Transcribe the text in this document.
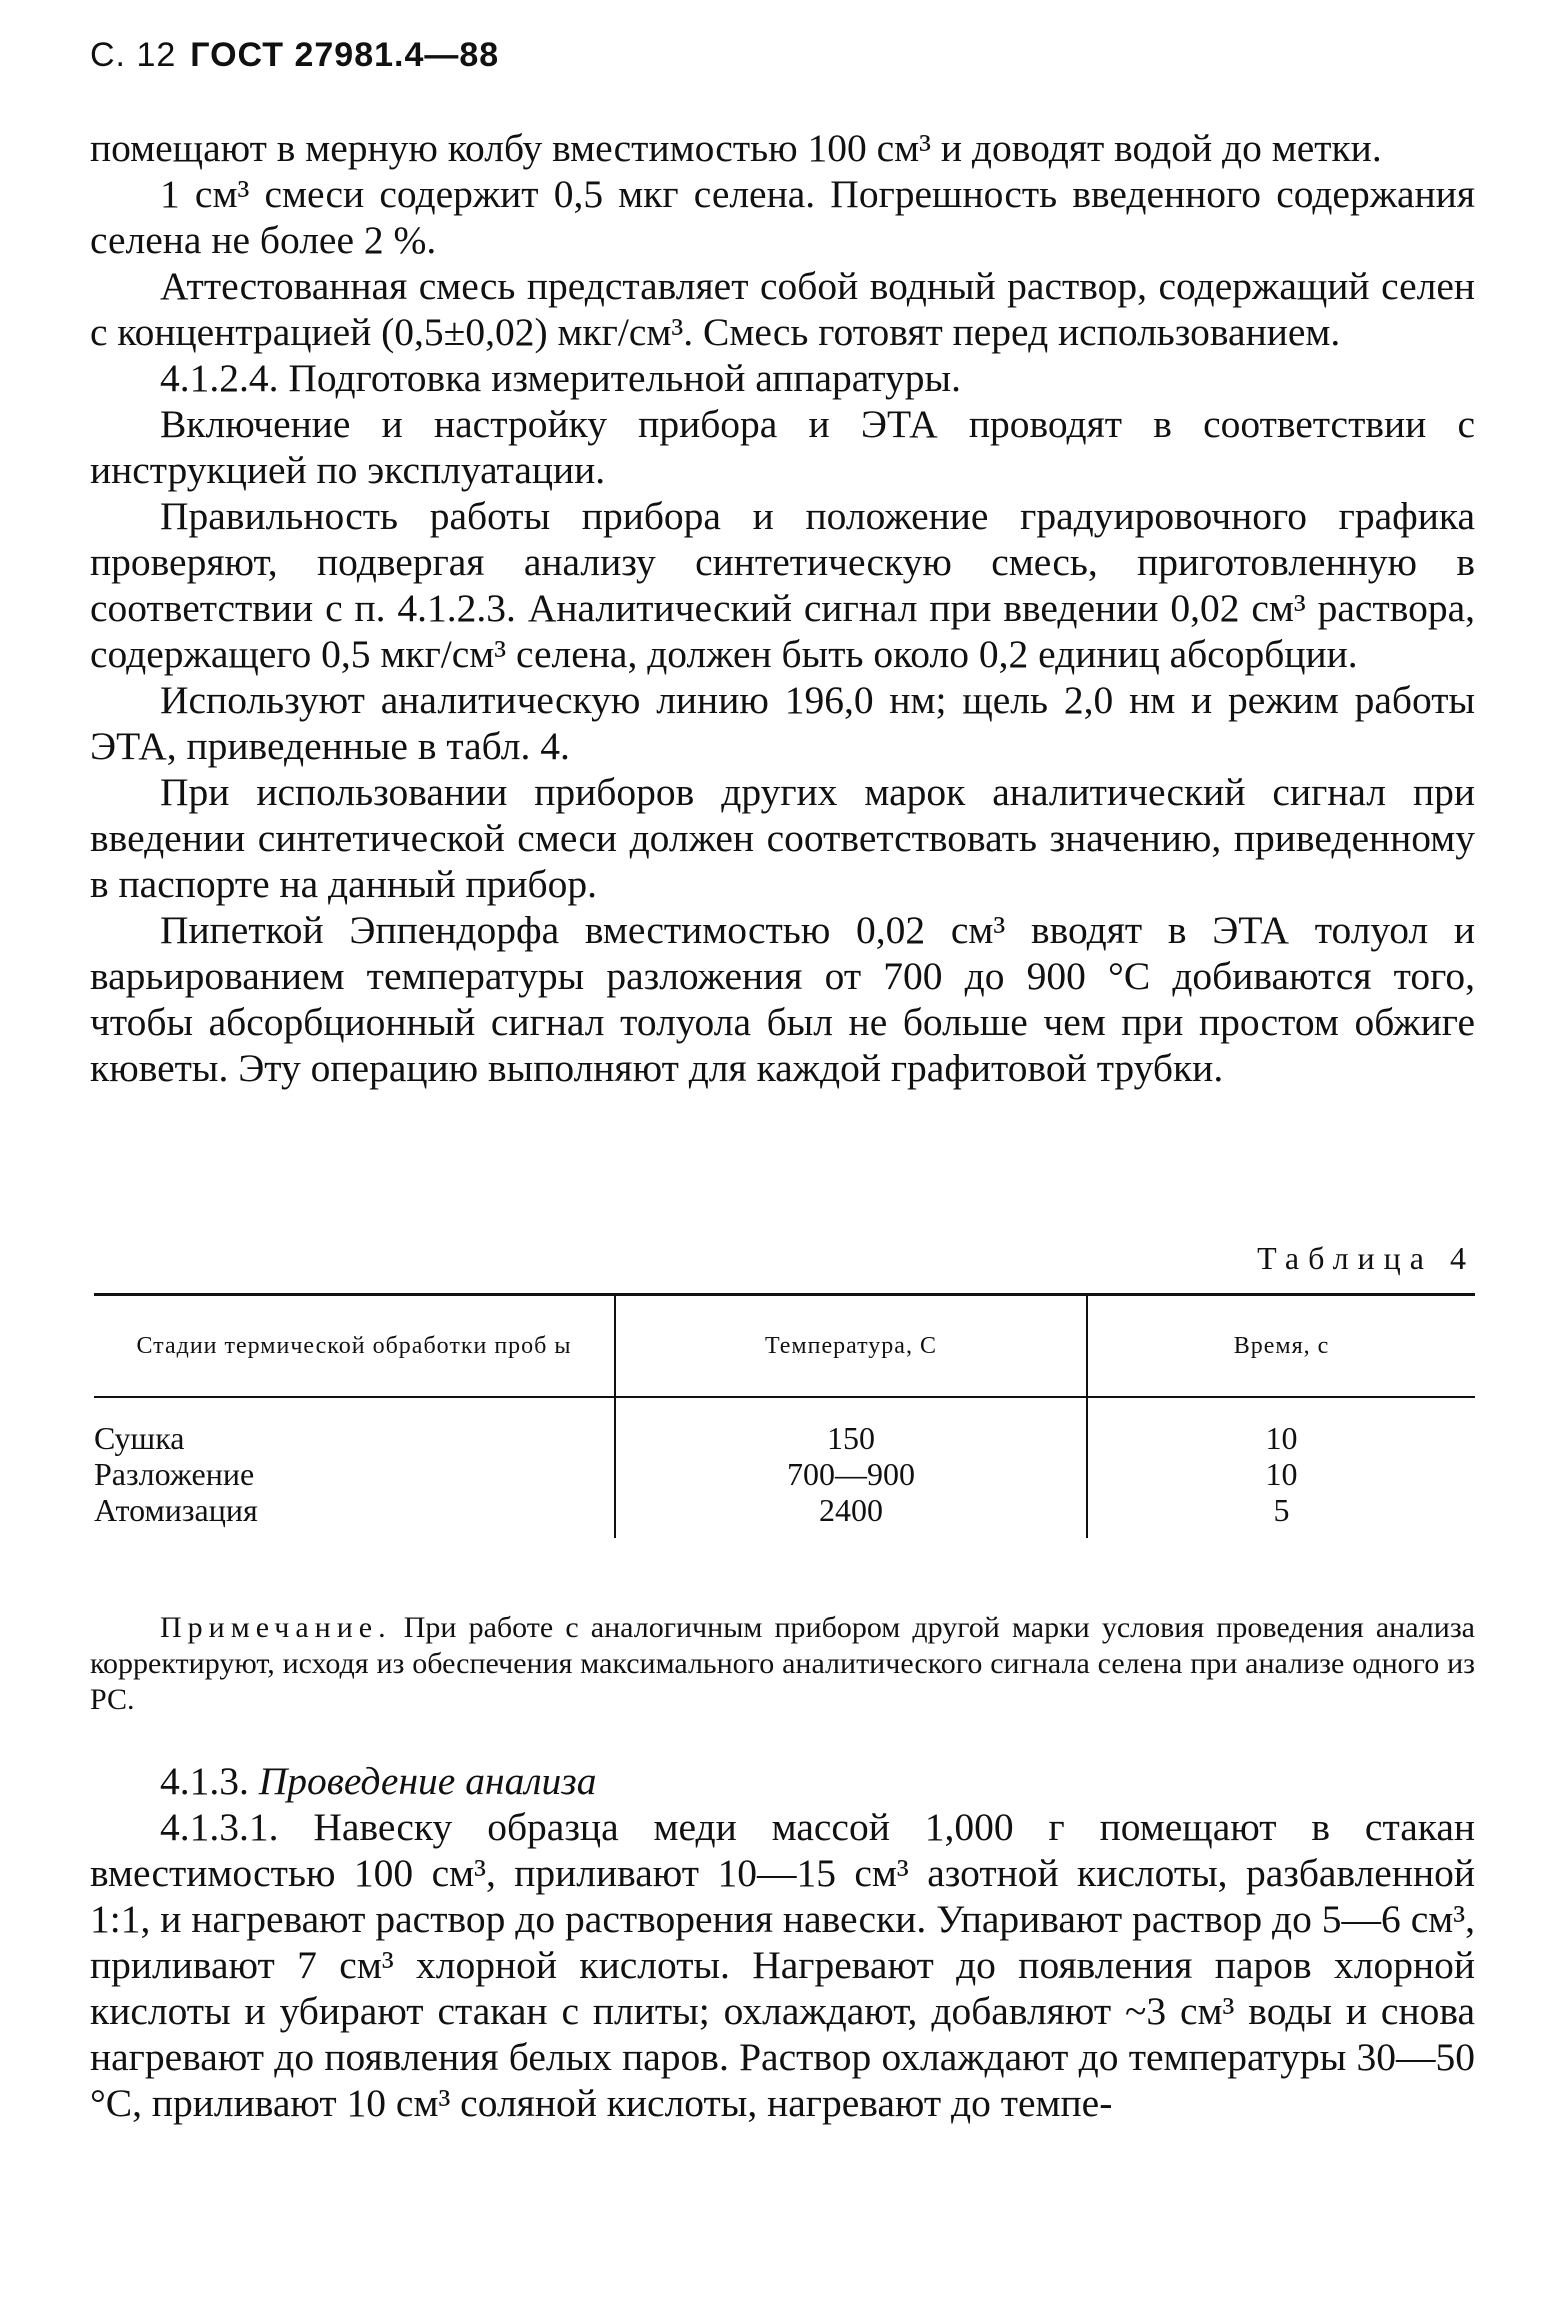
С. 12 ГОСТ 27981.4—88

помещают в мерную колбу вместимостью 100 см³ и доводят водой до метки.

1 см³ смеси содержит 0,5 мкг селена. Погрешность введенного содержания селена не более 2 %.

Аттестованная смесь представляет собой водный раствор, содержащий селен с концентрацией (0,5±0,02) мкг/см³. Смесь готовят перед использованием.

4.1.2.4. Подготовка измерительной аппаратуры.

Включение и настройку прибора и ЭТА проводят в соответствии с инструкцией по эксплуатации.

Правильность работы прибора и положение градуировочного графика проверяют, подвергая анализу синтетическую смесь, приготовленную в соответствии с п. 4.1.2.3. Аналитический сигнал при введении 0,02 см³ раствора, содержащего 0,5 мкг/см³ селена, должен быть около 0,2 единиц абсорбции.

Используют аналитическую линию 196,0 нм; щель 2,0 нм и режим работы ЭТА, приведенные в табл. 4.

При использовании приборов других марок аналитический сигнал при введении синтетической смеси должен соответствовать значению, приведенному в паспорте на данный прибор.

Пипеткой Эппендорфа вместимостью 0,02 см³ вводят в ЭТА толуол и варьированием температуры разложения от 700 до 900 °С добиваются того, чтобы абсорбционный сигнал толуола был не больше чем при простом обжиге кюветы. Эту операцию выполняют для каждой графитовой трубки.

Таблица 4
Стадии термической обработки проб ы	Температура, С	Время, с
Сушка	150	10
Разложение	700—900	10
Атомизация	2400	5
Примечание. При работе с аналогичным прибором другой марки условия проведения анализа корректируют, исходя из обеспечения максимального аналитического сигнала селена при анализе одного из РС.

4.1.3. Проведение анализа

4.1.3.1. Навеску образца меди массой 1,000 г помещают в стакан вместимостью 100 см³, приливают 10—15 см³ азотной кислоты, разбавленной 1:1, и нагревают раствор до растворения навески. Упаривают раствор до 5—6 см³, приливают 7 см³ хлорной кислоты. Нагревают до появления паров хлорной кислоты и убирают стакан с плиты; охлаждают, добавляют ~3 см³ воды и снова нагревают до появления белых паров. Раствор охлаждают до температуры 30—50 °С, приливают 10 см³ соляной кислоты, нагревают до темпе-
